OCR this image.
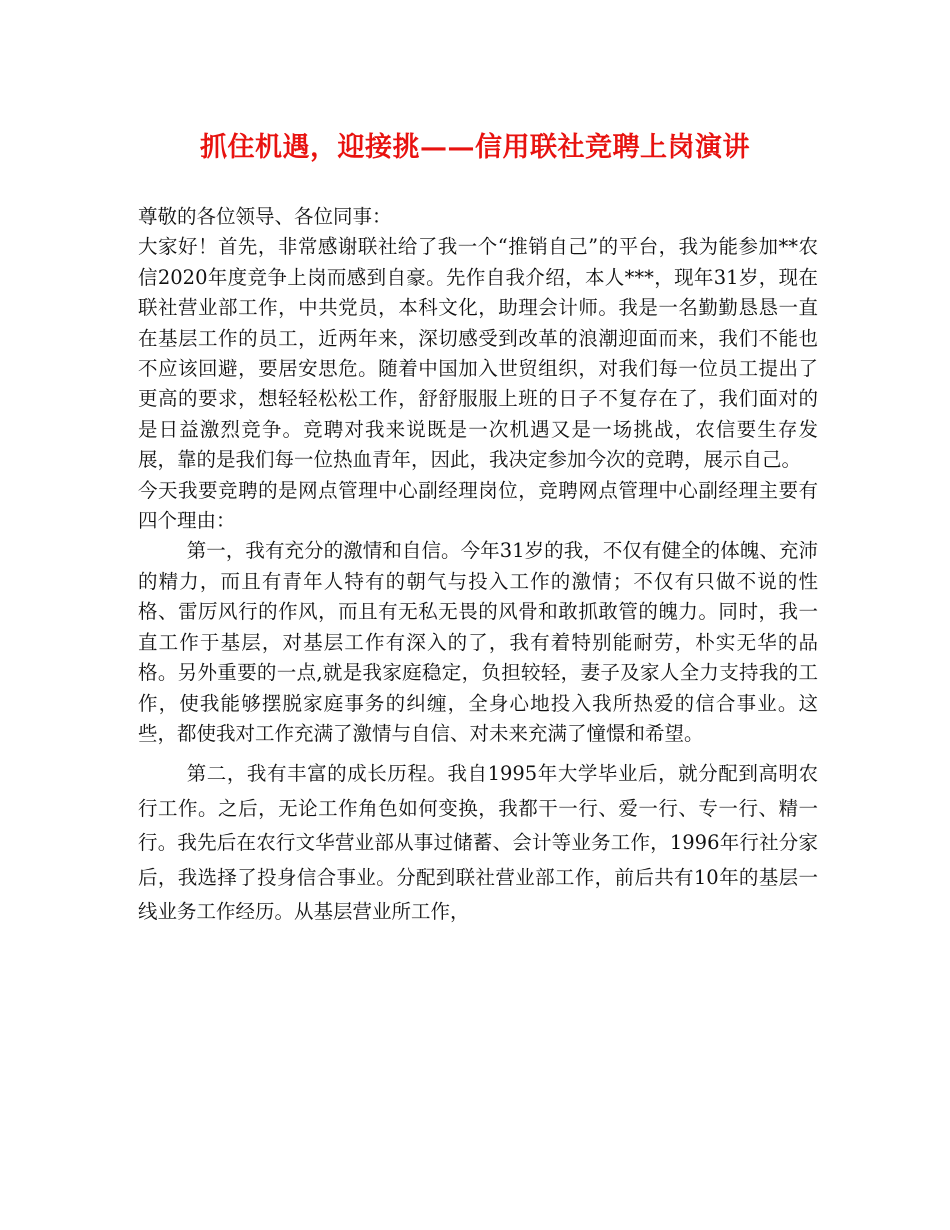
抓住机遇，迎接挑——信用联社竞聘上岗演讲

尊敬的各位领导、各位同事：

大家好！首先，非常感谢联社给了我一个“推销自己”的平台，我为能参加**农信2020年度竞争上岗而感到自豪。先作自我介绍，本人***，现年31岁，现在联社营业部工作，中共党员，本科文化，助理会计师。我是一名勤勤恳恳一直在基层工作的员工，近两年来，深切感受到改革的浪潮迎面而来，我们不能也不应该回避，要居安思危。随着中国加入世贸组织，对我们每一位员工提出了更高的要求，想轻轻松松工作，舒舒服服上班的日子不复存在了，我们面对的是日益激烈竞争。竞聘对我来说既是一次机遇又是一场挑战，农信要生存发展，靠的是我们每一位热血青年，因此，我决定参加今次的竞聘，展示自己。

今天我要竞聘的是网点管理中心副经理岗位，竞聘网点管理中心副经理主要有四个理由：

第一，我有充分的激情和自信。今年31岁的我，不仅有健全的体魄、充沛的精力，而且有青年人特有的朝气与投入工作的激情；不仅有只做不说的性格、雷厉风行的作风，而且有无私无畏的风骨和敢抓敢管的魄力。同时，我一直工作于基层，对基层工作有深入的了，我有着特别能耐劳，朴实无华的品格。另外重要的一点,就是我家庭稳定，负担较轻，妻子及家人全力支持我的工作，使我能够摆脱家庭事务的纠缠，全身心地投入我所热爱的信合事业。这些，都使我对工作充满了激情与自信、对未来充满了憧憬和希望。

第二，我有丰富的成长历程。我自1995年大学毕业后，就分配到高明农行工作。之后，无论工作角色如何变换，我都干一行、爱一行、专一行、精一行。我先后在农行文华营业部从事过储蓄、会计等业务工作，1996年行社分家后，我选择了投身信合事业。分配到联社营业部工作，前后共有10年的基层一线业务工作经历。从基层营业所工作，
